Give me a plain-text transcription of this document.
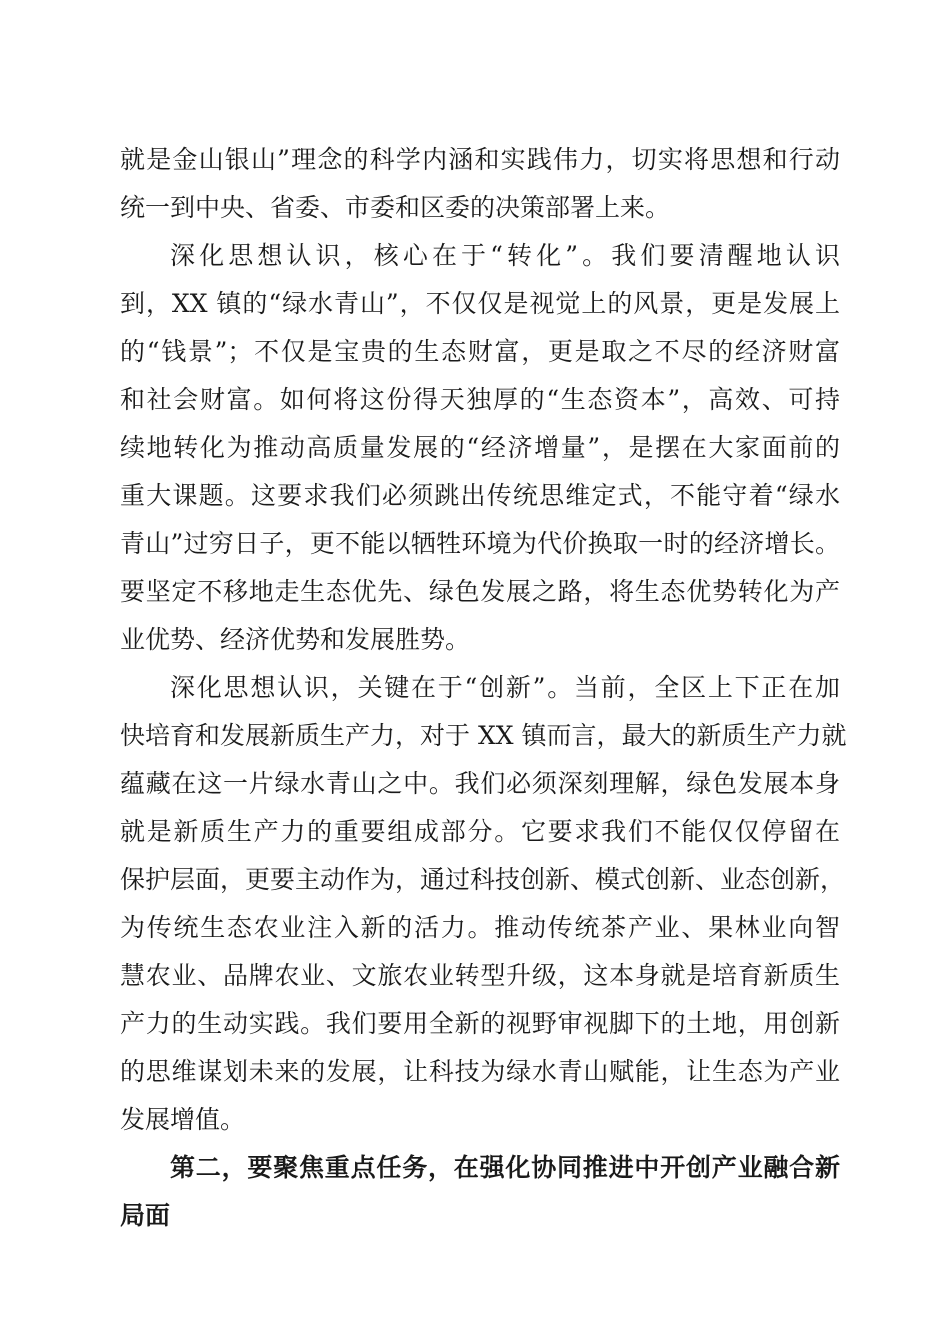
就是金山银山”理念的科学内涵和实践伟力，切实将思想和行动
统一到中央、省委、市委和区委的决策部署上来。
深化思想认识，核心在于“转化”。我们要清醒地认识
到，XX 镇的“绿水青山”，不仅仅是视觉上的风景，更是发展上
的“钱景”；不仅是宝贵的生态财富，更是取之不尽的经济财富
和社会财富。如何将这份得天独厚的“生态资本”，高效、可持
续地转化为推动高质量发展的“经济增量”，是摆在大家面前的
重大课题。这要求我们必须跳出传统思维定式，不能守着“绿水
青山”过穷日子，更不能以牺牲环境为代价换取一时的经济增长。
要坚定不移地走生态优先、绿色发展之路，将生态优势转化为产
业优势、经济优势和发展胜势。
深化思想认识，关键在于“创新”。当前，全区上下正在加
快培育和发展新质生产力，对于 XX 镇而言，最大的新质生产力就
蕴藏在这一片绿水青山之中。我们必须深刻理解，绿色发展本身
就是新质生产力的重要组成部分。它要求我们不能仅仅停留在
保护层面，更要主动作为，通过科技创新、模式创新、业态创新，
为传统生态农业注入新的活力。推动传统茶产业、果林业向智
慧农业、品牌农业、文旅农业转型升级，这本身就是培育新质生
产力的生动实践。我们要用全新的视野审视脚下的土地，用创新
的思维谋划未来的发展，让科技为绿水青山赋能，让生态为产业
发展增值。
第二，要聚焦重点任务，在强化协同推进中开创产业融合新
局面
